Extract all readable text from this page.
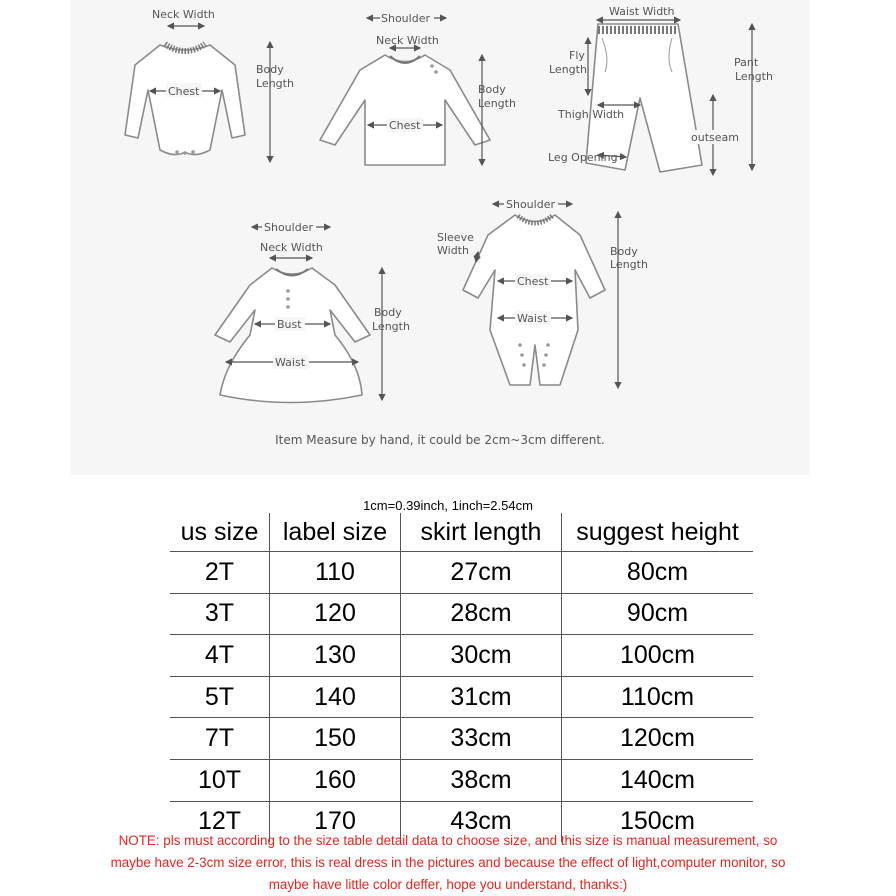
Neck Width
Chest
Body
Length
Shoulder
Neck Width
Chest
Body
Length
Waist Width
Fly
Length
Thigh Width
Pant
Length
outseam
Leg Opening
Shoulder
Neck Width
Bust
Waist
Body
Length
Shoulder
Sleeve
Width
Chest
Waist
Body
Length
Item Measure by hand, it could be 2cm~3cm different.
1cm=0.39inch, 1inch=2.54cm
us size	label size	skirt length	suggest height
2T	110	27cm	80cm
3T	120	28cm	90cm
4T	130	30cm	100cm
5T	140	31cm	110cm
7T	150	33cm	120cm
10T	160	38cm	140cm
12T	170	43cm	150cm
NOTE: pls must according to the size table detail data to choose size, and this size is manual measurement, so
maybe have 2-3cm size error, this is real dress in the pictures and because the effect of light,computer monitor, so
maybe have little color deffer, hope you understand, thanks:)
